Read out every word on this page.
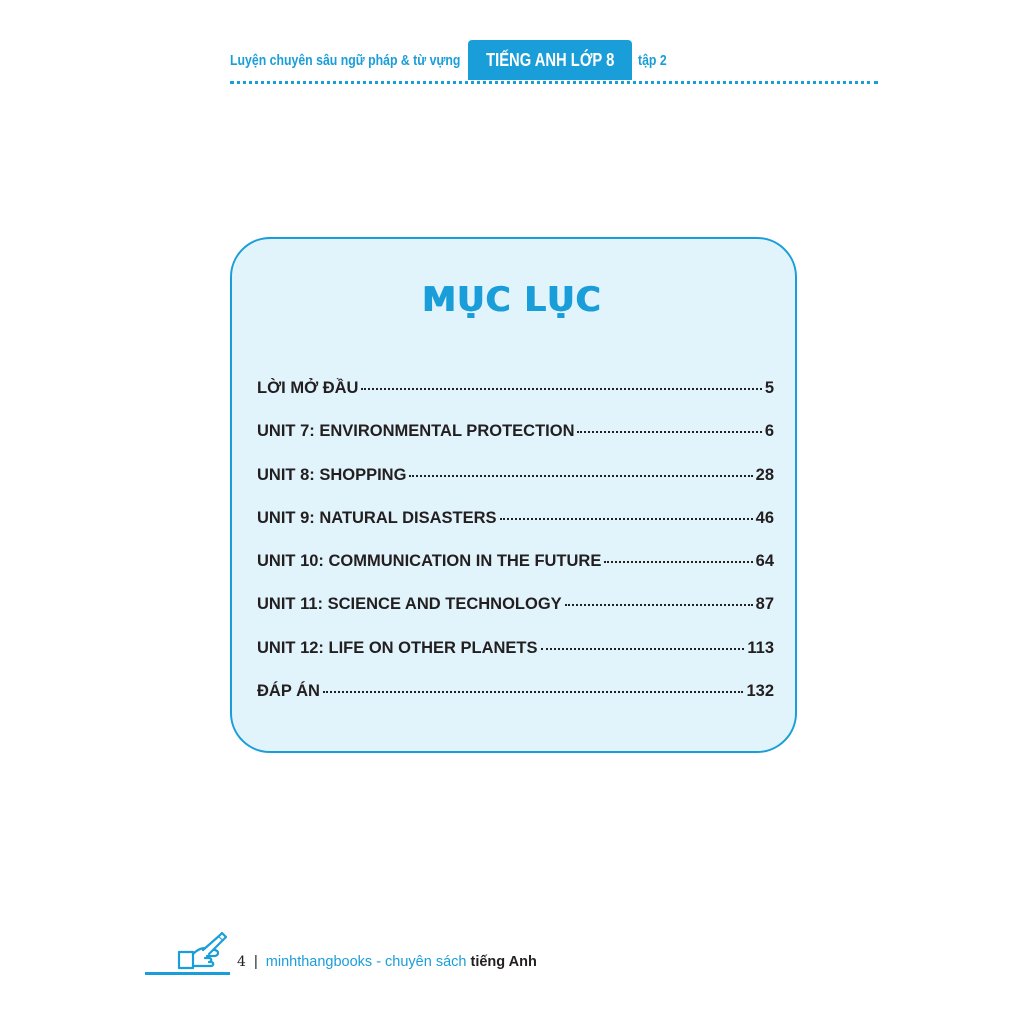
Luyện chuyên sâu ngữ pháp & từ vựng TIẾNG ANH LỚP 8 tập 2
MỤC LỤC
LỜI MỞ ĐẦU	5
UNIT 7: ENVIRONMENTAL PROTECTION	6
UNIT 8: SHOPPING	28
UNIT 9: NATURAL DISASTERS	46
UNIT 10: COMMUNICATION IN THE FUTURE	64
UNIT 11: SCIENCE AND TECHNOLOGY	87
UNIT 12: LIFE ON OTHER PLANETS	113
ĐÁP ÁN	132
4 | minhthangbooks - chuyên sách tiếng Anh
